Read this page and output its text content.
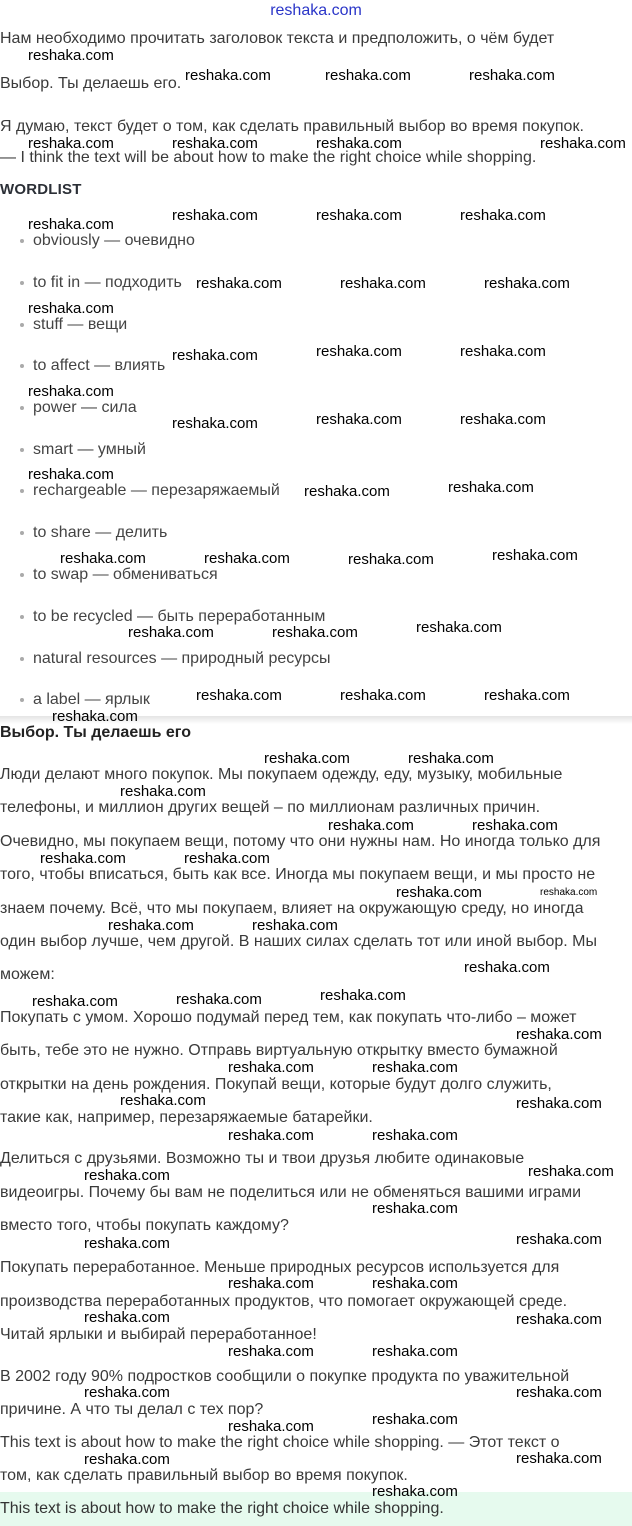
reshaka.com
Нам необходимо прочитать заголовок текста и предположить, о чём будет
Выбор. Ты делаешь его.
Я думаю, текст будет о том, как сделать правильный выбор во время покупок.
— I think the text will be about how to make the right choice while shopping.
WORDLIST
obviously — очевидно
to fit in — подходить
stuff — вещи
to affect — влиять
power — сила
smart — умный
rechargeable — перезаряжаемый
to share — делить
to swap — обмениваться
to be recycled — быть переработанным
natural resources — природный ресурсы
a label — ярлык
Выбор. Ты делаешь его
Люди делают много покупок. Мы покупаем одежду, еду, музыку, мобильные
телефоны, и миллион других вещей – по миллионам различных причин.
Очевидно, мы покупаем вещи, потому что они нужны нам. Но иногда только для
того, чтобы вписаться, быть как все. Иногда мы покупаем вещи, и мы просто не
знаем почему. Всё, что мы покупаем, влияет на окружающую среду, но иногда
один выбор лучше, чем другой. В наших силах сделать тот или иной выбор. Мы
можем:
Покупать с умом. Хорошо подумай перед тем, как покупать что-либо – может
быть, тебе это не нужно. Отправь виртуальную открытку вместо бумажной
открытки на день рождения. Покупай вещи, которые будут долго служить,
такие как, например, перезаряжаемые батарейки.
Делиться с друзьями. Возможно ты и твои друзья любите одинаковые
видеоигры. Почему бы вам не поделиться или не обменяться вашими играми
вместо того, чтобы покупать каждому?
Покупать переработанное. Меньше природных ресурсов используется для
производства переработанных продуктов, что помогает окружающей среде.
Читай ярлыки и выбирай переработанное!
В 2002 году 90% подростков сообщили о покупке продукта по уважительной
причине. А что ты делал с тех пор?
This text is about how to make the right choice while shopping. — Этот текст о
том, как сделать правильный выбор во время покупок.
This text is about how to make the right choice while shopping.
reshaka.com
reshaka.com	reshaka.com	reshaka.com
reshaka.com	reshaka.com	reshaka.com	reshaka.com
reshaka.com	reshaka.com	reshaka.com
reshaka.com
reshaka.com	reshaka.com	reshaka.com
reshaka.com
reshaka.com	reshaka.com	reshaka.com
reshaka.com
reshaka.com	reshaka.com	reshaka.com
reshaka.com
reshaka.com	reshaka.com
reshaka.com	reshaka.com	reshaka.com	reshaka.com
reshaka.com	reshaka.com	reshaka.com
reshaka.com	reshaka.com	reshaka.com
reshaka.com
reshaka.com	reshaka.com
reshaka.com
reshaka.com	reshaka.com
reshaka.com	reshaka.com
reshaka.com	reshaka.com
reshaka.com	reshaka.com
reshaka.com
reshaka.com	reshaka.com	reshaka.com
reshaka.com
reshaka.com
reshaka.com	reshaka.com
reshaka.com
reshaka.com	reshaka.com
reshaka.com	reshaka.com
reshaka.com
reshaka.com	reshaka.com
reshaka.com	reshaka.com
reshaka.com	reshaka.com
reshaka.com	reshaka.com
reshaka.com	reshaka.com
reshaka.com	reshaka.com
reshaka.com	reshaka.com
reshaka.com
